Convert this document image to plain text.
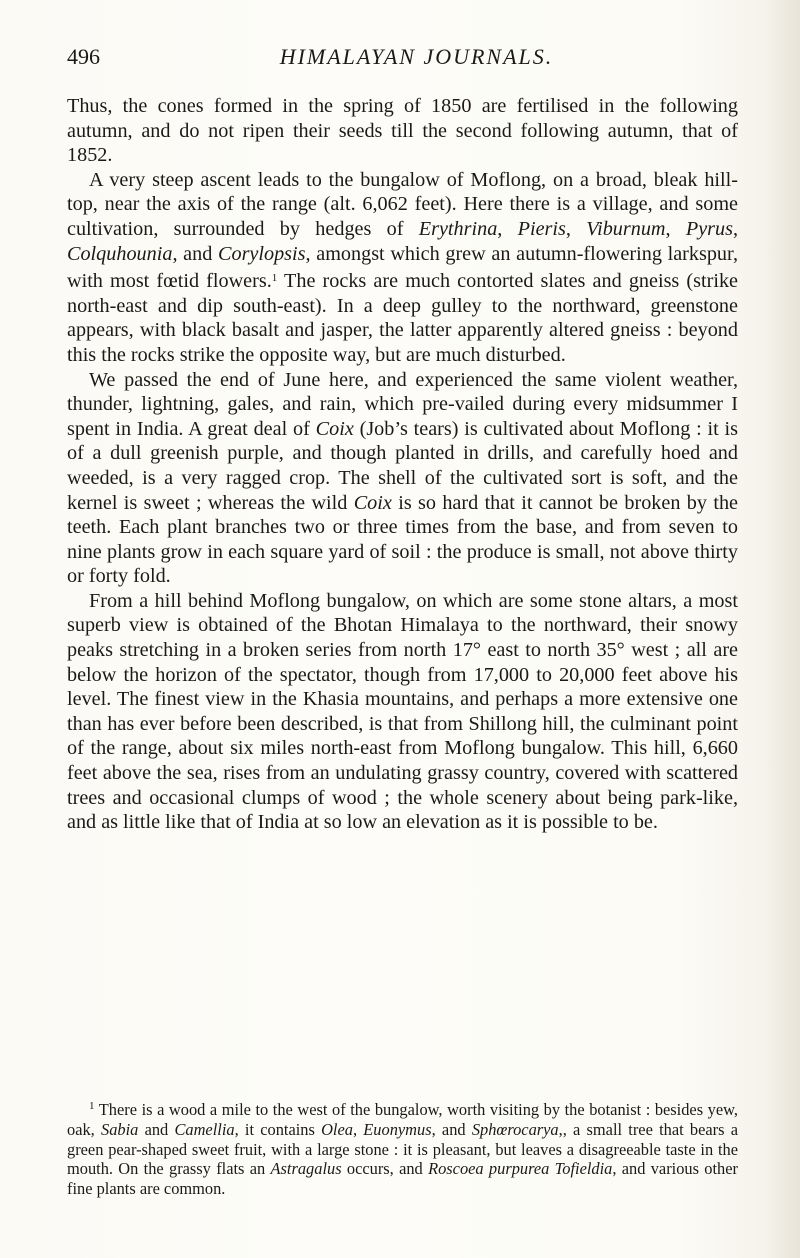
496	HIMALAYAN JOURNALS.

Thus, the cones formed in the spring of 1850 are fertilised in the following autumn, and do not ripen their seeds till the second following autumn, that of 1852.

A very steep ascent leads to the bungalow of Moflong, on a broad, bleak hill-top, near the axis of the range (alt. 6,062 feet). Here there is a village, and some cultivation, surrounded by hedges of Erythrina, Pieris, Viburnum, Pyrus, Colquhounia, and Corylopsis, amongst which grew an autumn-flowering larkspur, with most fœtid flowers.$^1$ The rocks are much contorted slates and gneiss (strike north-east and dip south-east). In a deep gulley to the northward, greenstone appears, with black basalt and jasper, the latter apparently altered gneiss : beyond this the rocks strike the opposite way, but are much disturbed.

We passed the end of June here, and experienced the same violent weather, thunder, lightning, gales, and rain, which pre-vailed during every midsummer I spent in India. A great deal of Coix (Job’s tears) is cultivated about Moflong : it is of a dull greenish purple, and though planted in drills, and carefully hoed and weeded, is a very ragged crop. The shell of the cultivated sort is soft, and the kernel is sweet ; whereas the wild Coix is so hard that it cannot be broken by the teeth. Each plant branches two or three times from the base, and from seven to nine plants grow in each square yard of soil : the produce is small, not above thirty or forty fold.

From a hill behind Moflong bungalow, on which are some stone altars, a most superb view is obtained of the Bhotan Himalaya to the northward, their snowy peaks stretching in a broken series from north 17° east to north 35° west ; all are below the horizon of the spectator, though from 17,000 to 20,000 feet above his level. The finest view in the Khasia mountains, and perhaps a more extensive one than has ever before been described, is that from Shillong hill, the culminant point of the range, about six miles north-east from Moflong bungalow. This hill, 6,660 feet above the sea, rises from an undulating grassy country, covered with scattered trees and occasional clumps of wood ; the whole scenery about being park-like, and as little like that of India at so low an elevation as it is possible to be.

$^1$ There is a wood a mile to the west of the bungalow, worth visiting by the botanist : besides yew, oak, Sabia and Camellia, it contains Olea, Euonymus, and Sphœrocarya,, a small tree that bears a green pear-shaped sweet fruit, with a large stone : it is pleasant, but leaves a disagreeable taste in the mouth. On the grassy flats an Astragalus occurs, and Roscoea purpurea Tofieldia, and various other fine plants are common.
